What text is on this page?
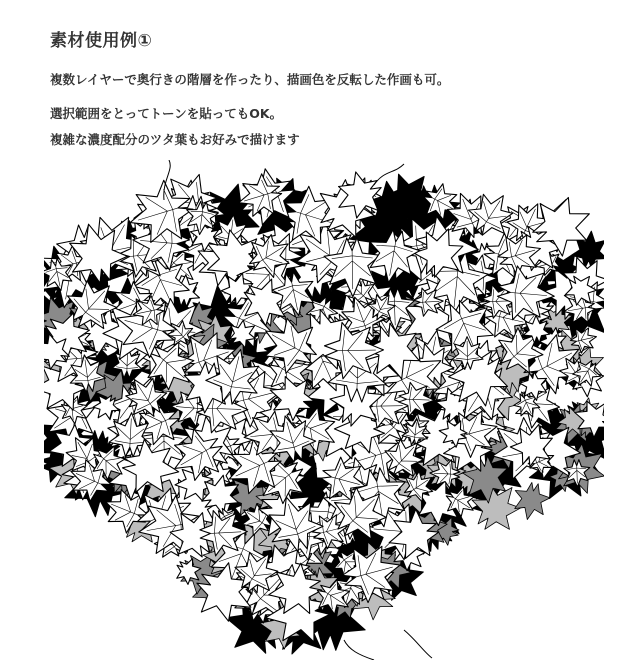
素材使用例①
複数レイヤーで奥行きの階層を作ったり、描画色を反転した作画も可。
選択範囲をとってトーンを貼ってもOK。
複雑な濃度配分のツタ葉もお好みで描けます
